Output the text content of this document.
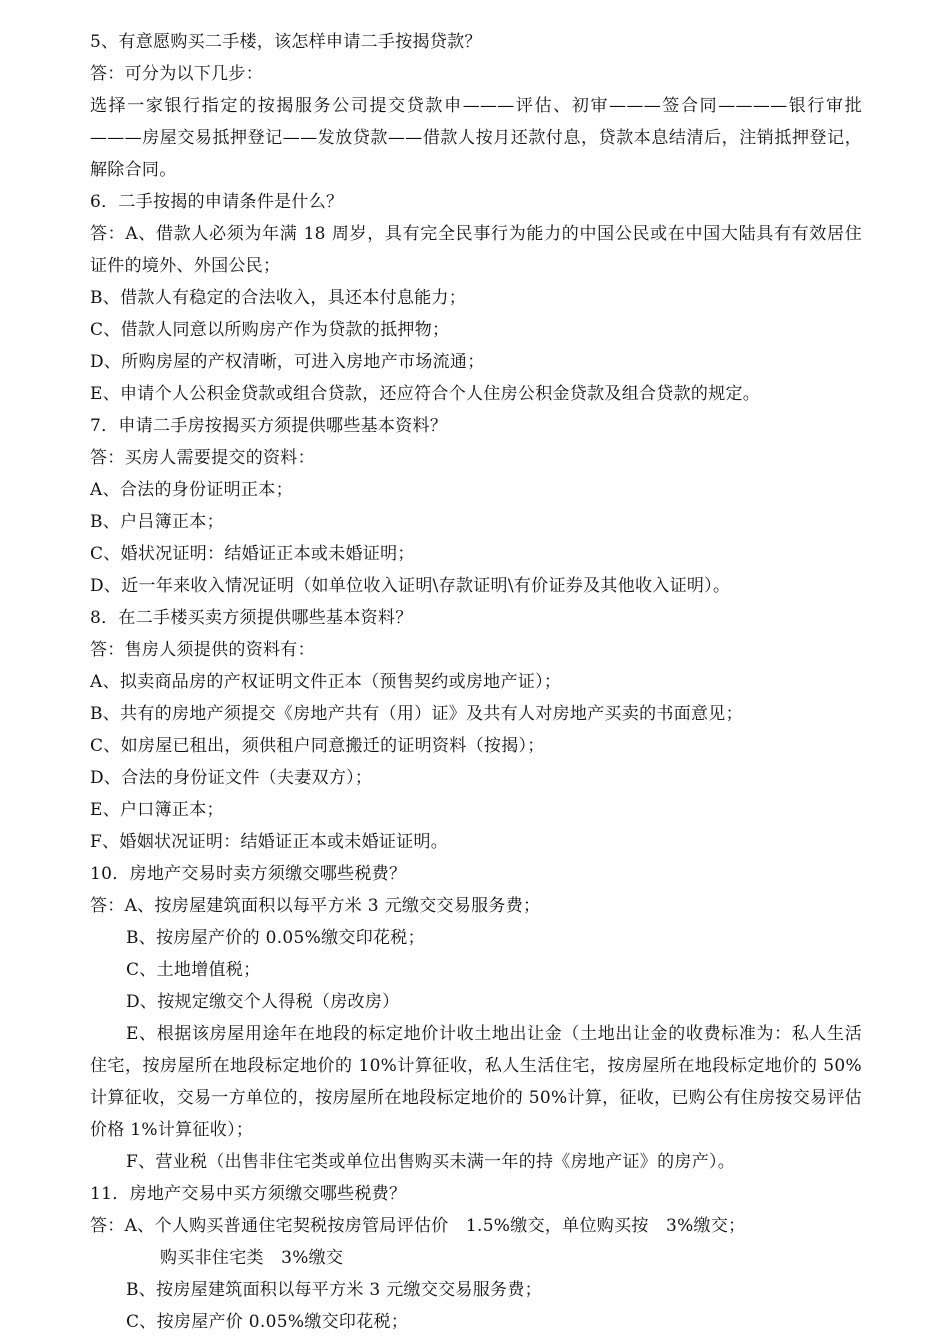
5、有意愿购买二手楼，该怎样申请二手按揭贷款？
答：可分为以下几步：
选择一家银行指定的按揭服务公司提交贷款申———评估、初审———签合同————银行审批———房屋交易抵押登记——发放贷款——借款人按月还款付息，贷款本息结清后，注销抵押登记，解除合同。
6．二手按揭的申请条件是什么？
答：A、借款人必须为年满 18 周岁，具有完全民事行为能力的中国公民或在中国大陆具有有效居住证件的境外、外国公民；
B、借款人有稳定的合法收入，具还本付息能力；
C、借款人同意以所购房产作为贷款的抵押物；
D、所购房屋的产权清晰，可进入房地产市场流通；
E、申请个人公积金贷款或组合贷款，还应符合个人住房公积金贷款及组合贷款的规定。
7．申请二手房按揭买方须提供哪些基本资料？
答：买房人需要提交的资料：
A、合法的身份证明正本；
B、户吕簿正本；
C、婚状况证明：结婚证正本或未婚证明；
D、近一年来收入情况证明（如单位收入证明\存款证明\有价证券及其他收入证明）。
8．在二手楼买卖方须提供哪些基本资料？
答：售房人须提供的资料有：
A、拟卖商品房的产权证明文件正本（预售契约或房地产证）；
B、共有的房地产须提交《房地产共有（用）证》及共有人对房地产买卖的书面意见；
C、如房屋已租出，须供租户同意搬迁的证明资料（按揭）；
D、合法的身份证文件（夫妻双方）；
E、户口簿正本；
F、婚姻状况证明：结婚证正本或未婚证证明。
10．房地产交易时卖方须缴交哪些税费？
答：A、按房屋建筑面积以每平方米 3 元缴交交易服务费；
B、按房屋产价的 0.05%缴交印花税；
C、土地增值税；
D、按规定缴交个人得税（房改房）
E、根据该房屋用途年在地段的标定地价计收土地出让金（土地出让金的收费标准为：私人生活住宅，按房屋所在地段标定地价的 10%计算征收，私人生活住宅，按房屋所在地段标定地价的 50%计算征收，交易一方单位的，按房屋所在地段标定地价的 50%计算，征收，已购公有住房按交易评估价格 1%计算征收）；
F、营业税（出售非住宅类或单位出售购买未满一年的持《房地产证》的房产）。
11．房地产交易中买方须缴交哪些税费？
答：A、个人购买普通住宅契税按房管局评估价　1.5%缴交，单位购买按　3%缴交；
购买非住宅类　3%缴交
B、按房屋建筑面积以每平方米 3 元缴交交易服务费；
C、按房屋产价 0.05%缴交印花税；
